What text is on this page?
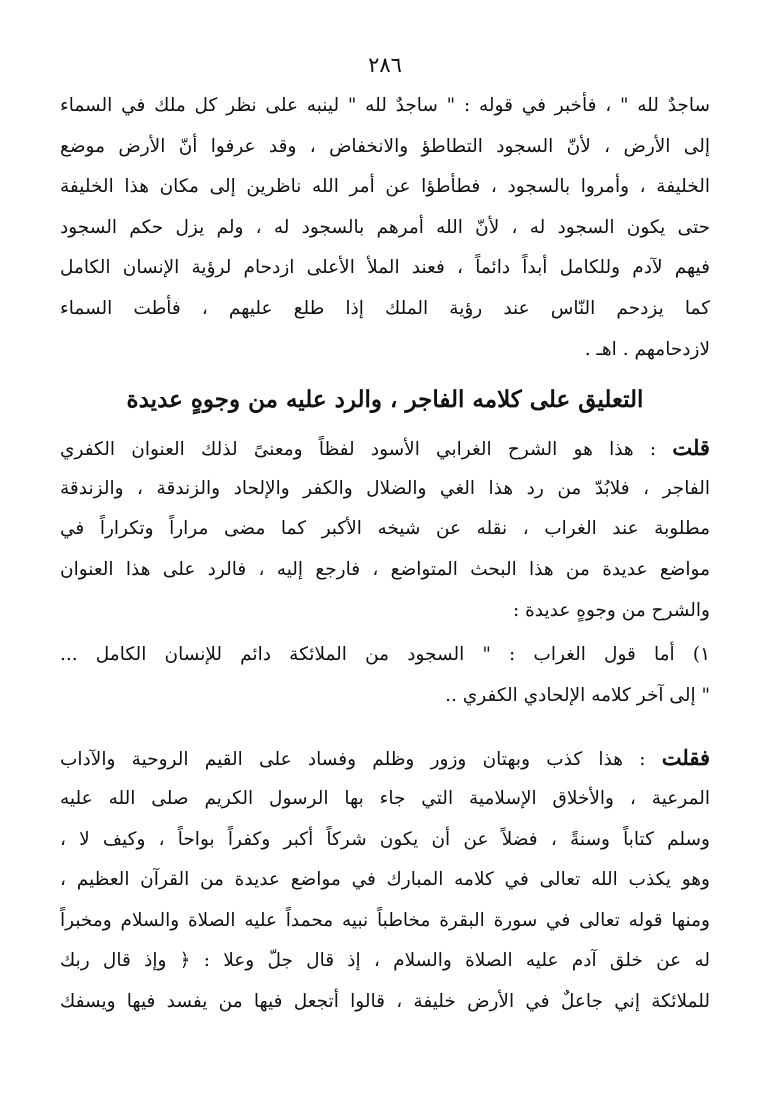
٢٨٦
ساجدٌ لله " ، فأخبر في قوله : " ساجدٌ لله " لينبه على نظر كل ملك في السماء
إلى الأرض ، لأنّ السجود التطاطؤ والانخفاض ، وقد عرفوا أنّ الأرض موضع
الخليفة ، وأمروا بالسجود ، فطأطؤا عن أمر الله ناظرين إلى مكان هذا الخليفة
حتى يكون السجود له ، لأنّ الله أمرهم بالسجود له ، ولم يزل حكم السجود
فيهم لآدم وللكامل أبداً دائماً ، فعند الملأ الأعلى ازدحام لرؤية الإنسان الكامل
كما يزدحم النّاس عند رؤية الملك إذا طلع عليهم ، فأطت السماء
لازدحامهم . اهـ .
التعليق على كلامه الفاجر ، والرد عليه من وجوهٍ عديدة
قلت : هذا هو الشرح الغرابي الأسود لفظاً ومعنىً لذلك العنوان الكفري
الفاجر ، فلابُدّ من رد هذا الغي والضلال والكفر والإلحاد والزندقة ، والزندقة
مطلوبة عند الغراب ، نقله عن شيخه الأكبر كما مضى مراراً وتكراراً في
مواضع عديدة من هذا البحث المتواضع ، فارجع إليه ، فالرد على هذا العنوان
والشرح من وجوهٍ عديدة :
١) أما قول الغراب : " السجود من الملائكة دائم للإنسان الكامل ...
" إلى آخر كلامه الإلحادي الكفري ..
فقلت : هذا كذب وبهتان وزور وظلم وفساد على القيم الروحية والآداب
المرعية ، والأخلاق الإسلامية التي جاء بها الرسول الكريم صلى الله عليه
وسلم كتاباً وسنةً ، فضلاً عن أن يكون شركاً أكبر وكفراً بواحاً ، وكيف لا ،
وهو يكذب الله تعالى في كلامه المبارك في مواضع عديدة من القرآن العظيم ،
ومنها قوله تعالى في سورة البقرة مخاطباً نبيه محمداً عليه الصلاة والسلام ومخبراً
له عن خلق آدم عليه الصلاة والسلام ، إذ قال جلّ وعلا : ﴿ وإذ قال ربك
للملائكة إني جاعلٌ في الأرض خليفة ، قالوا أتجعل فيها من يفسد فيها ويسفك
